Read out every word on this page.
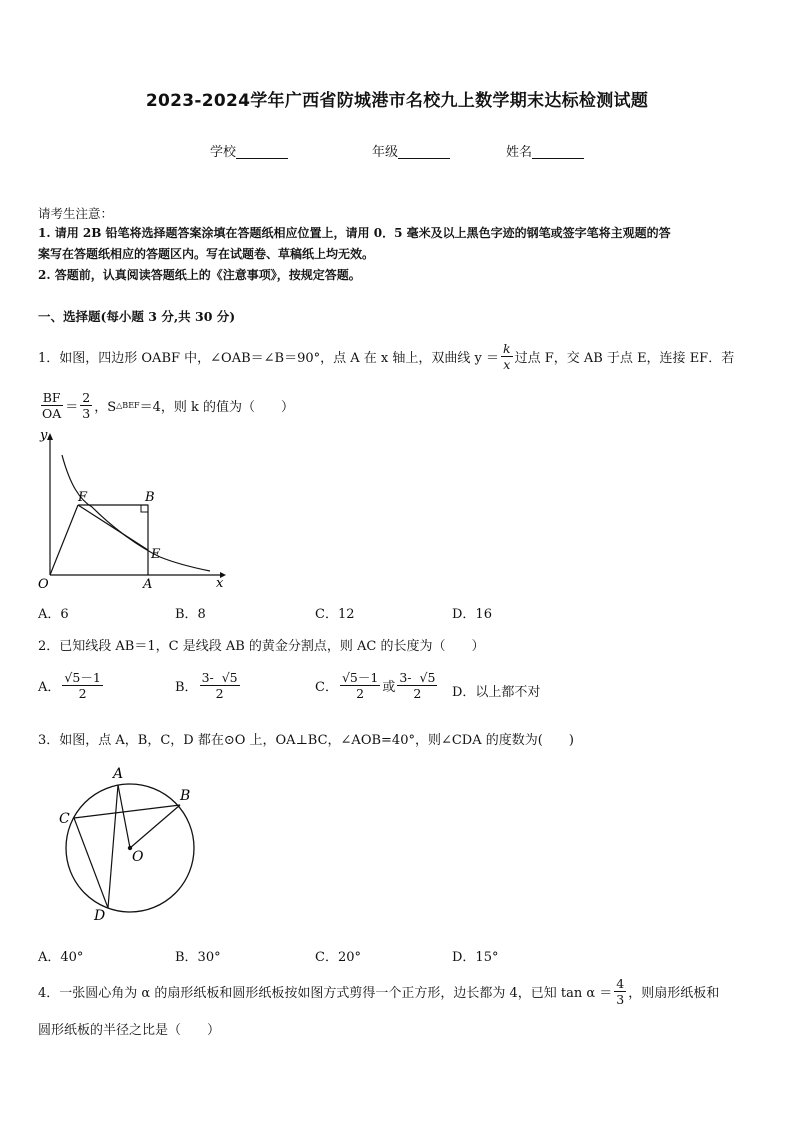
2023-2024学年广西省防城港市名校九上数学期末达标检测试题
学校	年级	姓名
请考生注意：
1. 请用 2B 铅笔将选择题答案涂填在答题纸相应位置上，请用 0．5 毫米及以上黑色字迹的钢笔或签字笔将主观题的答
案写在答题纸相应的答题区内。写在试题卷、草稿纸上均无效。
2. 答题前，认真阅读答题纸上的《注意事项》，按规定答题。
一、选择题(每小题 3 分,共 30 分)
1．如图，四边形 OABF 中，∠OAB＝∠B＝90°，点 A 在 x 轴上，双曲线 $y = \frac{k}{x}$ 过点 F，交 AB 于点 E，连接 EF．若
$\frac{BF}{OA} = \frac{2}{3}$ ，S △BEF ＝4，则 k 的值为（　　）
y
x
O	A
B
F
E
A．6	B．8	C．12	D．16
2．已知线段 AB＝1，C 是线段 AB 的黄金分割点，则 AC 的长度为（　　）
A． $\frac{√5-1}{2}$	B． $\frac{3- √5}{2}$	C． $\frac{√5-1}{2}$ 或 $\frac{3- √5}{2}$ D．以上都不对
3．如图，点 A，B，C，D 都在⊙O 上，OA⊥BC，∠AOB=40°，则∠CDA 的度数为(　　)
A
B
C
D
O
A．40°	B．30°	C．20°	D．15°
4．一张圆心角为 α 的扇形纸板和圆形纸板按如图方式剪得一个正方形，边长都为 4，已知 $\tan \alpha = \frac{4}{3}$ ，则扇形纸板和
圆形纸板的半径之比是（　　）
